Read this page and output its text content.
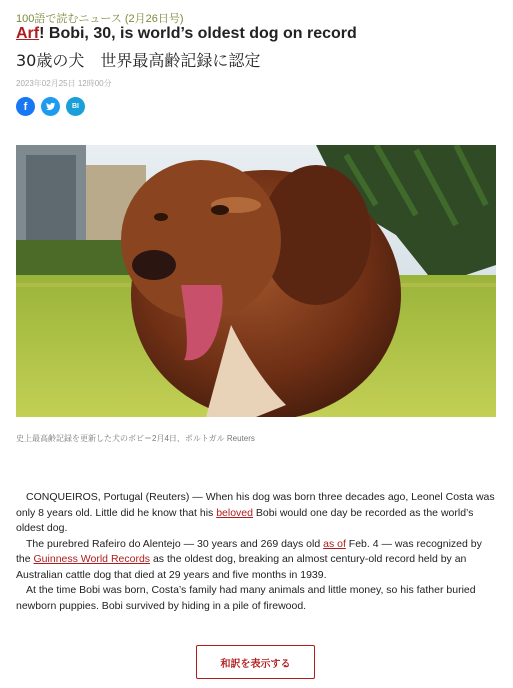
100語で読むニュース (2月26日号)
Arf! Bobi, 30, is world’s oldest dog on record
30歳の犬　世界最高齢記録に認定
2023年02月25日 12時00分
f	BI
史上最高齢記録を更新した犬のボビ＝2月4日、ポルトガル Reuters

CONQUEIROS, Portugal (Reuters) — When his dog was born three decades ago, Leonel Costa was only 8 years old. Little did he know that his beloved Bobi would one day be recorded as the world’s oldest dog.

The purebred Rafeiro do Alentejo — 30 years and 269 days old as of Feb. 4 — was recognized by the Guinness World Records as the oldest dog, breaking an almost century-old record held by an Australian cattle dog that died at 29 years and five months in 1939.

At the time Bobi was born, Costa’s family had many animals and little money, so his father buried newborn puppies. Bobi survived by hiding in a pile of firewood.

和訳を表示する
